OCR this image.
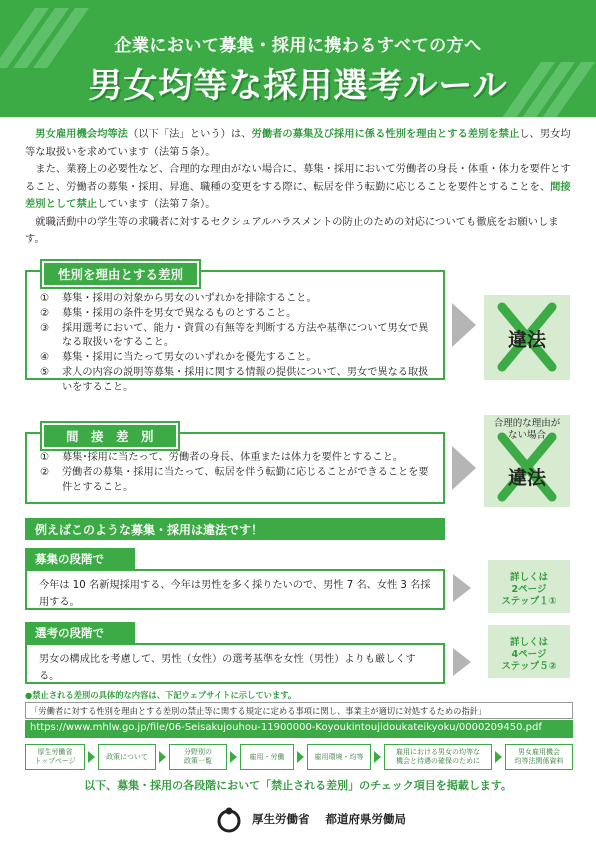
企業において募集・採用に携わるすべての方へ
男女均等な採用選考ルール

男女雇用機会均等法（以下「法」という）は、労働者の募集及び採用に係る性別を理由とする差別を禁止し、男女均等な取扱いを求めています（法第５条）。

また、業務上の必要性など、合理的な理由がない場合に、募集・採用において労働者の身長・体重・体力を要件とすること、労働者の募集・採用、昇進、職種の変更をする際に、転居を伴う転勤に応じることを要件とすることを、間接差別として禁止しています（法第７条）。

就職活動中の学生等の求職者に対するセクシュアルハラスメントの防止のための対応についても徹底をお願いします。

性別を理由とする差別
①	募集・採用の対象から男女のいずれかを排除すること。
②	募集・採用の条件を男女で異なるものとすること。
③	採用選考において、能力・資質の有無等を判断する方法や基準について男女で異なる取扱いをすること。
④	募集・採用に当たって男女のいずれかを優先すること。
⑤	求人の内容の説明等募集・採用に関する情報の提供について、男女で異なる取扱いをすること。
違法
間　接　差　別
①	募集･採用に当たって、労働者の身長、体重または体力を要件とすること。
②	労働者の募集・採用に当たって、転居を伴う転勤に応じることができることを要件とすること。
合理的な理由が
ない場合
違法
例えばこのような募集・採用は違法です！
募集の段階で
今年は 10 名新規採用する、今年は男性を多く採りたいので、男性 7 名、女性 3 名採用する。
詳しくは
2ページ
ステップ１①
選考の段階で
男女の構成比を考慮して、男性（女性）の選考基準を女性（男性）よりも厳しくする。
詳しくは
4ページ
ステップ５②
●禁止される差別の具体的な内容は、下記ウェブサイトに示しています。
「労働者に対する性別を理由とする差別の禁止等に関する規定に定める事項に関し、事業主が適切に対処するための指針」
https://www.mhlw.go.jp/file/06-Seisakujouhou-11900000-Koyoukintoujidoukateikyoku/0000209450.pdf
厚生労働省
トップページ
政策について
分野別の
政策一覧
雇用・労働	雇用環境・均等
雇用における男女の均等な
機会と待遇の確保のために
男女雇用機会
均等法関係資料
以下、募集・採用の各段階において「禁止される差別」のチェック項目を掲載します。
厚生労働省 都道府県労働局
